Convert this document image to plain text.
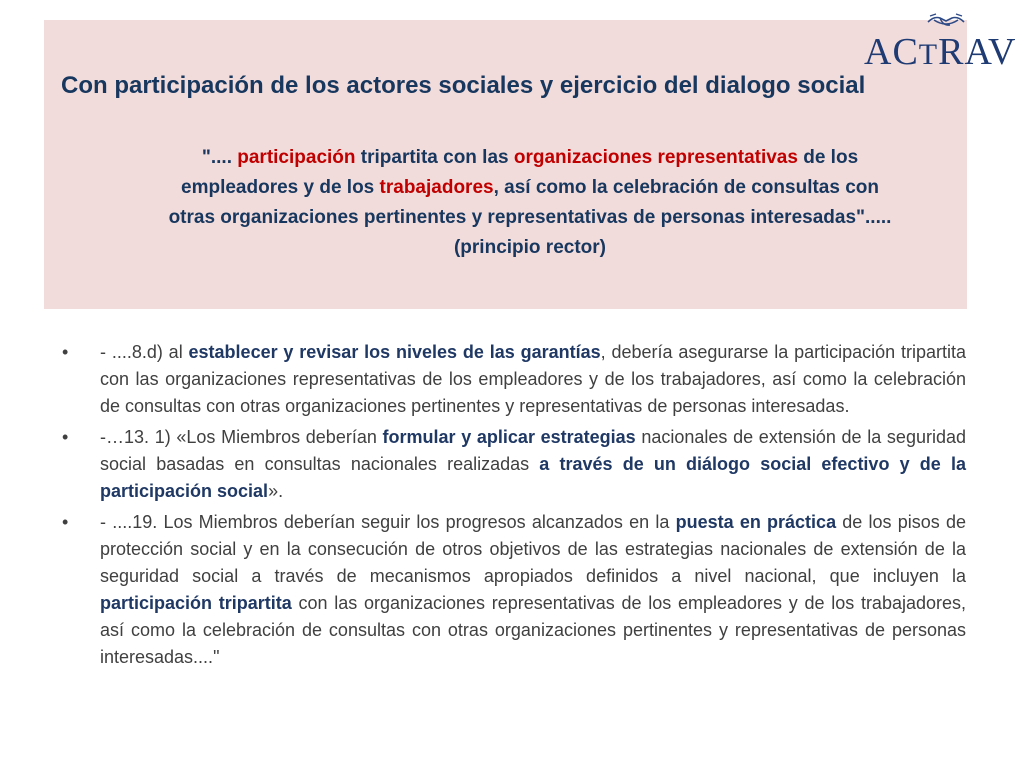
Con participación de los actores sociales y ejercicio del dialogo social
".... participación tripartita con las organizaciones representativas de los
empleadores y de los trabajadores, así como la celebración de consultas con
otras organizaciones pertinentes y representativas de personas interesadas".....
(principio rector)
ACTRAV
• - ....8.d) al establecer y revisar los niveles de las garantías, debería asegurarse la participación tripartita con las organizaciones representativas de los empleadores y de los trabajadores, así como la celebración de consultas con otras organizaciones pertinentes y representativas de personas interesadas.
• -…13. 1) «Los Miembros deberían formular y aplicar estrategias nacionales de extensión de la seguridad social basadas en consultas nacionales realizadas a través de un diálogo social efectivo y de la participación social».
• - ....19. Los Miembros deberían seguir los progresos alcanzados en la puesta en práctica de los pisos de protección social y en la consecución de otros objetivos de las estrategias nacionales de extensión de la seguridad social a través de mecanismos apropiados definidos a nivel nacional, que incluyen la participación tripartita con las organizaciones representativas de los empleadores y de los trabajadores, así como la celebración de consultas con otras organizaciones pertinentes y representativas de personas interesadas...."
